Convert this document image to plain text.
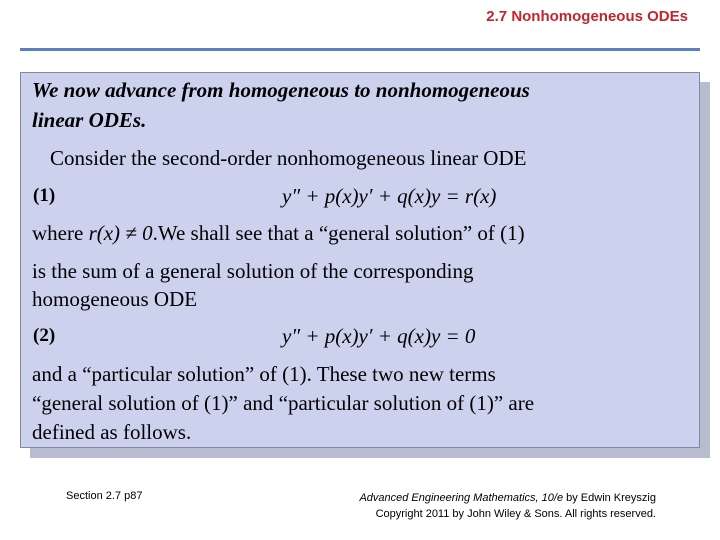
2.7 Nonhomogeneous ODEs
We now advance from homogeneous to nonhomogeneous
linear ODEs.
Consider the second-order nonhomogeneous linear ODE
(1)	y″ + p(x)y′ + q(x)y = r(x)
where r(x) ≠ 0.We shall see that a “general solution” of (1)
is the sum of a general solution of the corresponding
homogeneous ODE
(2)	y″ + p(x)y′ + q(x)y = 0
and a “particular solution” of (1). These two new terms
“general solution of (1)” and “particular solution of (1)” are
defined as follows.
Section 2.7 p87	Advanced Engineering Mathematics, 10/e by Edwin Kreyszig
Copyright 2011 by John Wiley & Sons. All rights reserved.
